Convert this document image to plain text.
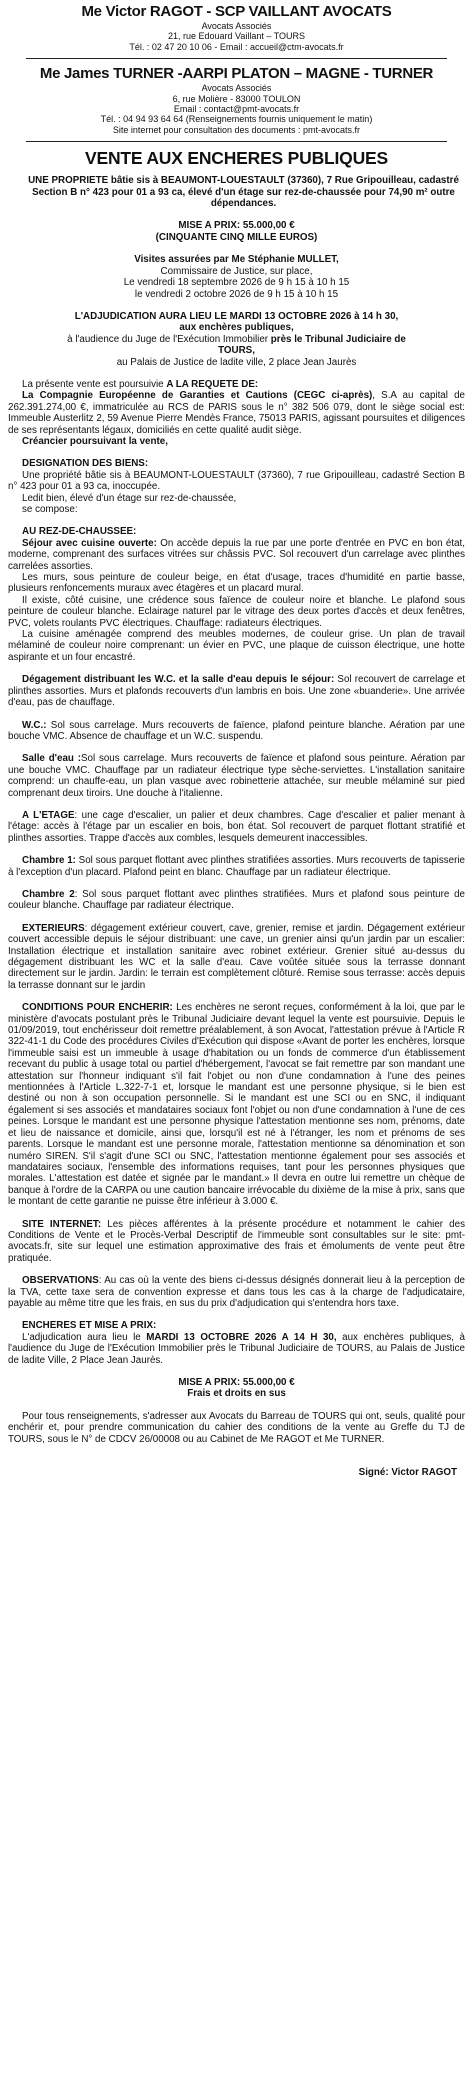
Me Victor RAGOT - SCP VAILLANT AVOCATS
Avocats Associés
21, rue Edouard Vaillant – TOURS
Tél. : 02 47 20 10 06 - Email : accueil@ctm-avocats.fr
Me James TURNER -AARPI PLATON – MAGNE - TURNER
Avocats Associés
6, rue Molière - 83000 TOULON
Email : contact@pmt-avocats.fr
Tél. : 04 94 93 64 64 (Renseignements fournis uniquement le matin)
Site internet pour consultation des documents : pmt-avocats.fr
VENTE AUX ENCHERES PUBLIQUES

UNE PROPRIETE bâtie sis à BEAUMONT-LOUESTAULT (37360), 7 Rue Gripouilleau, cadastré Section B n° 423 pour 01 a 93 ca, élevé d'un étage sur rez-de-chaussée pour 74,90 m² outre dépendances.

MISE A PRIX: 55.000,00 €
(CINQUANTE CINQ MILLE EUROS)
Visites assurées par Me Stéphanie MULLET,
Commissaire de Justice, sur place,
Le vendredi 18 septembre 2026 de 9 h 15 à 10 h 15
le vendredi 2 octobre 2026 de 9 h 15 à 10 h 15
L'ADJUDICATION AURA LIEU LE MARDI 13 OCTOBRE 2026 à 14 h 30,
aux enchères publiques,
à l'audience du Juge de l'Exécution Immobilier près le Tribunal Judiciaire de
TOURS,
au Palais de Justice de ladite ville, 2 place Jean Jaurès

La présente vente est poursuivie A LA REQUETE DE:

La Compagnie Européenne de Garanties et Cautions (CEGC ci-après), S.A au capital de 262.391.274,00 €, immatriculée au RCS de PARIS sous le n° 382 506 079, dont le siège social est: Immeuble Austerlitz 2, 59 Avenue Pierre Mendès France, 75013 PARIS, agissant poursuites et diligences de ses représentants légaux, domiciliés en cette qualité audit siège.

Créancier poursuivant la vente,

DESIGNATION DES BIENS:

Une propriété bâtie sis à BEAUMONT-LOUESTAULT (37360), 7 rue Gripouilleau, cadastré Section B n° 423 pour 01 a 93 ca, inoccupée.

Ledit bien, élevé d'un étage sur rez-de-chaussée,

se compose:

AU REZ-DE-CHAUSSEE:

Séjour avec cuisine ouverte: On accède depuis la rue par une porte d'entrée en PVC en bon état, moderne, comprenant des surfaces vitrées sur châssis PVC. Sol recouvert d'un carrelage avec plinthes carrelées assorties.

Les murs, sous peinture de couleur beige, en état d'usage, traces d'humidité en partie basse, plusieurs renfoncements muraux avec étagères et un placard mural.

Il existe, côté cuisine, une crédence sous faïence de couleur noire et blanche. Le plafond sous peinture de couleur blanche. Eclairage naturel par le vitrage des deux portes d'accès et deux fenêtres, PVC, volets roulants PVC électriques. Chauffage: radiateurs électriques.

La cuisine aménagée comprend des meubles modernes, de couleur grise. Un plan de travail mélaminé de couleur noire comprenant: un évier en PVC, une plaque de cuisson électrique, une hotte aspirante et un four encastré.

Dégagement distribuant les W.C. et la salle d'eau depuis le séjour: Sol recouvert de carrelage et plinthes assorties. Murs et plafonds recouverts d'un lambris en bois. Une zone «buanderie». Une arrivée d'eau, pas de chauffage.

W.C.: Sol sous carrelage. Murs recouverts de faïence, plafond peinture blanche. Aération par une bouche VMC. Absence de chauffage et un W.C. suspendu.

Salle d'eau :Sol sous carrelage. Murs recouverts de faïence et plafond sous peinture. Aération par une bouche VMC. Chauffage par un radiateur électrique type sèche-serviettes. L'installation sanitaire comprend: un chauffe-eau, un plan vasque avec robinetterie attachée, sur meuble mélaminé sur pied comprenant deux tiroirs. Une douche à l'italienne.

A L'ETAGE: une cage d'escalier, un palier et deux chambres. Cage d'escalier et palier menant à l'étage: accès à l'étage par un escalier en bois, bon état. Sol recouvert de parquet flottant stratifié et plinthes assorties. Trappe d'accès aux combles, lesquels demeurent inaccessibles.

Chambre 1: Sol sous parquet flottant avec plinthes stratifiées assorties. Murs recouverts de tapisserie à l'exception d'un placard. Plafond peint en blanc. Chauffage par un radiateur électrique.

Chambre 2: Sol sous parquet flottant avec plinthes stratifiées. Murs et plafond sous peinture de couleur blanche. Chauffage par radiateur électrique.

EXTERIEURS: dégagement extérieur couvert, cave, grenier, remise et jardin. Dégagement extérieur couvert accessible depuis le séjour distribuant: une cave, un grenier ainsi qu'un jardin par un escalier: Installation électrique et installation sanitaire avec robinet extérieur. Grenier situé au-dessus du dégagement distribuant les WC et la salle d'eau. Cave voûtée située sous la terrasse donnant directement sur le jardin. Jardin: le terrain est complètement clôturé. Remise sous terrasse: accès depuis la terrasse donnant sur le jardin

CONDITIONS POUR ENCHERIR: Les enchères ne seront reçues, conformément à la loi, que par le ministère d'avocats postulant près le Tribunal Judiciaire devant lequel la vente est poursuivie. Depuis le 01/09/2019, tout enchérisseur doit remettre préalablement, à son Avocat, l'attestation prévue à l'Article R 322-41-1 du Code des procédures Civiles d'Exécution qui dispose «Avant de porter les enchères, lorsque l'immeuble saisi est un immeuble à usage d'habitation ou un fonds de commerce d'un établissement recevant du public à usage total ou partiel d'hébergement, l'avocat se fait remettre par son mandant une attestation sur l'honneur indiquant s'il fait l'objet ou non d'une condamnation à l'une des peines mentionnées à l'Article L.322-7-1 et, lorsque le mandant est une personne physique, si le bien est destiné ou non à son occupation personnelle. Si le mandant est une SCI ou en SNC, il indiquant également si ses associés et mandataires sociaux font l'objet ou non d'une condamnation à l'une de ces peines. Lorsque le mandant est une personne physique l'attestation mentionne ses nom, prénoms, date et lieu de naissance et domicile, ainsi que, lorsqu'il est né à l'étranger, les nom et prénoms de ses parents. Lorsque le mandant est une personne morale, l'attestation mentionne sa dénomination et son numéro SIREN. S'il s'agit d'une SCI ou SNC, l'attestation mentionne également pour ses associés et mandataires sociaux, l'ensemble des informations requises, tant pour les personnes physiques que morales. L'attestation est datée et signée par le mandant.» Il devra en outre lui remettre un chèque de banque à l'ordre de la CARPA ou une caution bancaire irrévocable du dixième de la mise à prix, sans que le montant de cette garantie ne puisse être inférieur à 3.000 €.

SITE INTERNET: Les pièces afférentes à la présente procédure et notamment le cahier des Conditions de Vente et le Procès-Verbal Descriptif de l'immeuble sont consultables sur le site: pmt-avocats.fr, site sur lequel une estimation approximative des frais et émoluments de vente peut être pratiquée.

OBSERVATIONS: Au cas où la vente des biens ci-dessus désignés donnerait lieu à la perception de la TVA, cette taxe sera de convention expresse et dans tous les cas à la charge de l'adjudicataire, payable au même titre que les frais, en sus du prix d'adjudication qui s'entendra hors taxe.

ENCHERES ET MISE A PRIX:

L'adjudication aura lieu le MARDI 13 OCTOBRE 2026 A 14 H 30, aux enchères publiques, à l'audience du Juge de l'Exécution Immobilier près le Tribunal Judiciaire de TOURS, au Palais de Justice de ladite Ville, 2 Place Jean Jaurès.

MISE A PRIX: 55.000,00 €
Frais et droits en sus

Pour tous renseignements, s'adresser aux Avocats du Barreau de TOURS qui ont, seuls, qualité pour enchérir et, pour prendre communication du cahier des conditions de la vente au Greffe du TJ de TOURS, sous le N° de CDCV 26/00008 ou au Cabinet de Me RAGOT et Me TURNER.

Signé: Victor RAGOT
